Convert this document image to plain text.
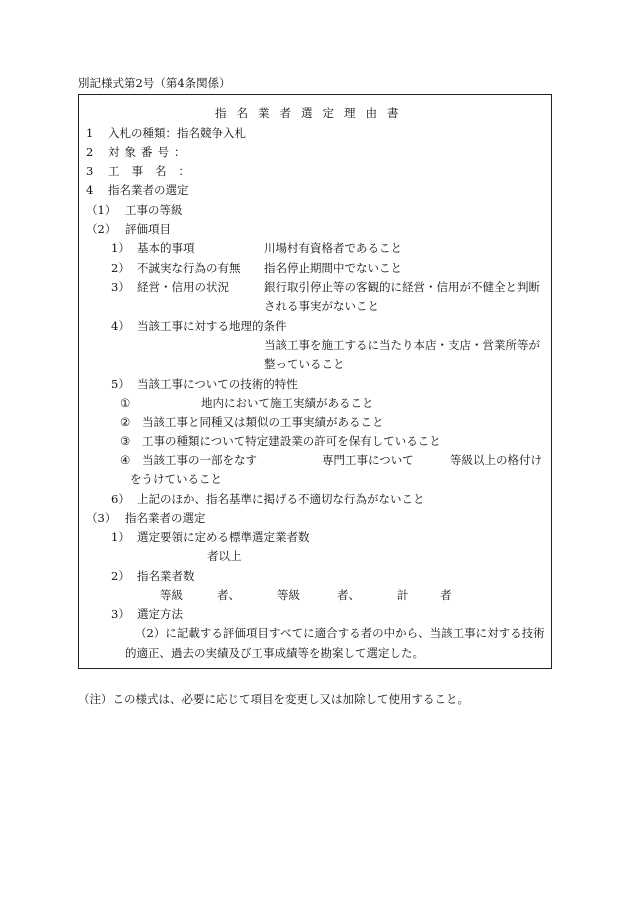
別記様式第2号（第4条関係）
指名業者選定理由書
1 入札の種類：指名競争入札
2 対象番号：
3 工事名：
4 指名業者の選定
（1） 工事の等級
（2） 評価項目
1） 基本的事項	川場村有資格者であること
2） 不誠実な行為の有無 指名停止期間中でないこと
3） 経営・信用の状況	銀行取引停止等の客観的に経営・信用が不健全と判断
される事実がないこと
4） 当該工事に対する地理的条件
当該工事を施工するに当たり本店・支店・営業所等が
整っていること
5） 当該工事についての技術的特性
①	地内において施工実績があること
② 当該工事と同種又は類似の工事実績があること
③ 工事の種類について特定建設業の許可を保有していること
④ 当該工事の一部をなす	専門工事について	等級以上の格付け
をうけていること
6） 上記のほか、指名基準に掲げる不適切な行為がないこと
（3） 指名業者の選定
1） 選定要領に定める標準選定業者数
者以上
2） 指名業者数
等級	者、	等級	者、	計	者
3） 選定方法
（2）に記載する評価項目すべてに適合する者の中から、当該工事に対する技術
的適正、過去の実績及び工事成績等を勘案して選定した。
（注）この様式は、必要に応じて項目を変更し又は加除して使用すること。
